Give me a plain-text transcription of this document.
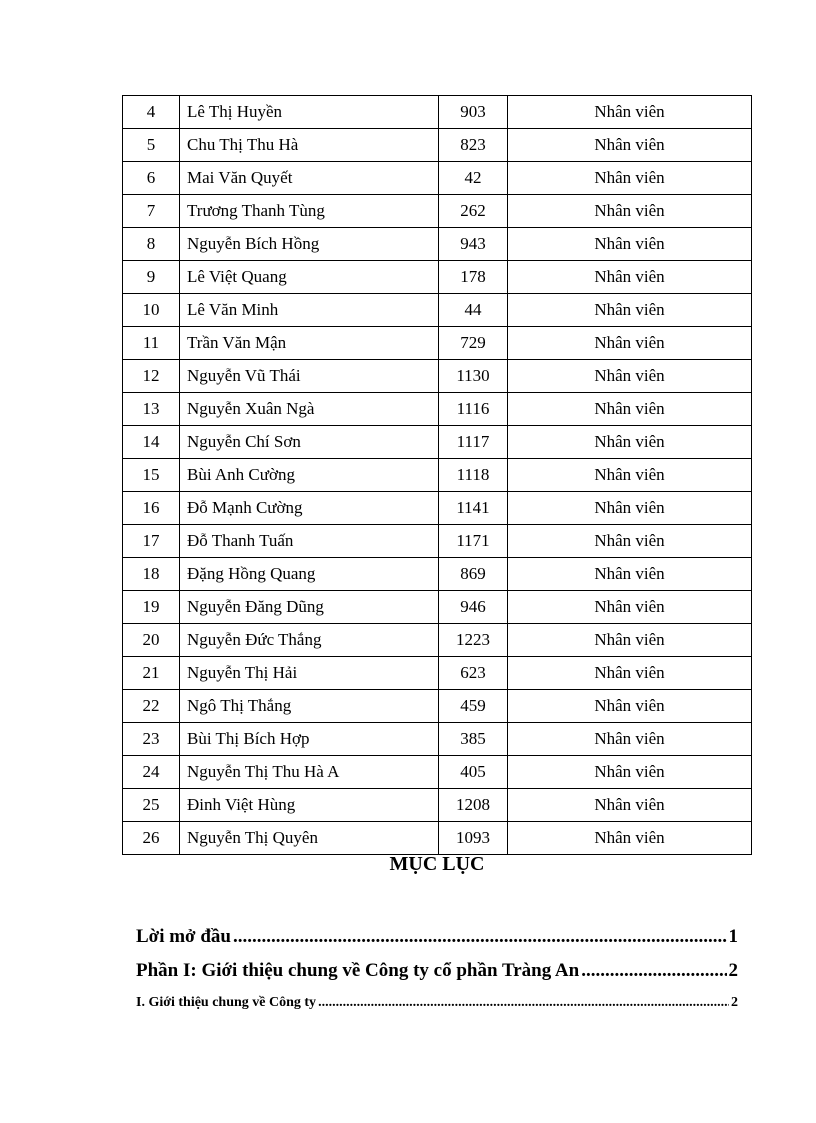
4	Lê Thị Huyền	903	Nhân viên
5	Chu Thị Thu Hà	823	Nhân viên
6	Mai Văn Quyết	42	Nhân viên
7	Trương Thanh Tùng	262	Nhân viên
8	Nguyễn Bích Hồng	943	Nhân viên
9	Lê Việt Quang	178	Nhân viên
10	Lê Văn Minh	44	Nhân viên
11	Trần Văn Mận	729	Nhân viên
12	Nguyễn Vũ Thái	1130	Nhân viên
13	Nguyễn Xuân Ngà	1116	Nhân viên
14	Nguyễn Chí Sơn	1117	Nhân viên
15	Bùi Anh Cường	1118	Nhân viên
16	Đỗ Mạnh Cường	1141	Nhân viên
17	Đỗ Thanh Tuấn	1171	Nhân viên
18	Đặng Hồng Quang	869	Nhân viên
19	Nguyễn Đăng Dũng	946	Nhân viên
20	Nguyễn Đức Thắng	1223	Nhân viên
21	Nguyễn Thị Hải	623	Nhân viên
22	Ngô Thị Thắng	459	Nhân viên
23	Bùi Thị Bích Hợp	385	Nhân viên
24	Nguyễn Thị Thu Hà A	405	Nhân viên
25	Đinh Việt Hùng	1208	Nhân viên
26	Nguyễn Thị Quyên	1093	Nhân viên
MỤC LỤC
Lời mở đầu .....	1
Phần I: Giới thiệu chung về Công ty cổ phần Tràng An .....	2
I. Giới thiệu chung về Công ty .....	2
